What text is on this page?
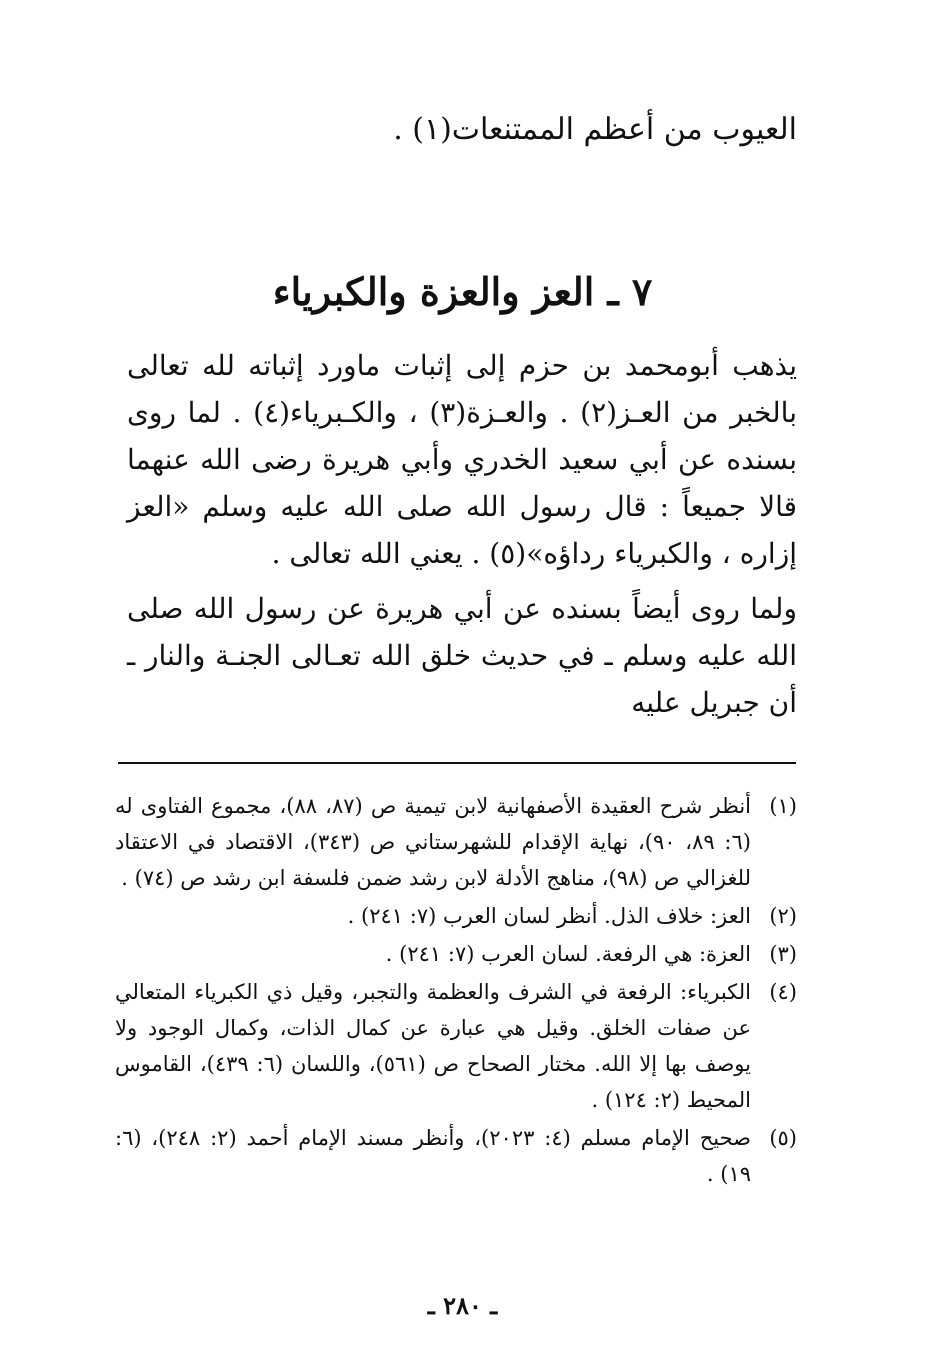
العيوب من أعظم الممتنعات(١) .
٧ ـ العز والعزة والكبرياء

يذهب أبومحمد بن حزم إلى إثبات ماورد إثباته لله تعالى بالخبر من العـز(٢) . والعـزة(٣) ، والكـبرياء(٤) . لما روى بسنده عن أبي سعيد الخدري وأبي هريرة رضى الله عنهما قالا جميعاً : قال رسول الله صلى الله عليه وسلم «العز إزاره ، والكبرياء رداؤه»(٥) . يعني الله تعالى .

ولما روى أيضاً بسنده عن أبي هريرة عن رسول الله صلى الله عليه وسلم ـ في حديث خلق الله تعـالى الجنـة والنار ـ أن جبريل عليه

(١)
أنظر شرح العقيدة الأصفهانية لابن تيمية ص (٨٧، ٨٨)، مجموع الفتاوى له (٦: ٨٩، ٩٠)، نهاية الإقدام للشهرستاني ص (٣٤٣)، الاقتصاد في الاعتقاد للغزالي ص (٩٨)، مناهج الأدلة لابن رشد ضمن فلسفة ابن رشد ص (٧٤) .
(٢)
العز: خلاف الذل. أنظر لسان العرب (٧: ٢٤١) .
(٣)
العزة: هي الرفعة. لسان العرب (٧: ٢٤١) .
(٤)
الكبرياء: الرفعة في الشرف والعظمة والتجبر، وقيل ذي الكبرياء المتعالي عن صفات الخلق. وقيل هي عبارة عن كمال الذات، وكمال الوجود ولا يوصف بها إلا الله. مختار الصحاح ص (٥٦١)، واللسان (٦: ٤٣٩)، القاموس المحيط (٢: ١٢٤) .
(٥)
صحيح الإمام مسلم (٤: ٢٠٢٣)، وأنظر مسند الإمام أحمد (٢: ٢٤٨)، (٦: ١٩) .
ـ ٢٨٠ ـ
